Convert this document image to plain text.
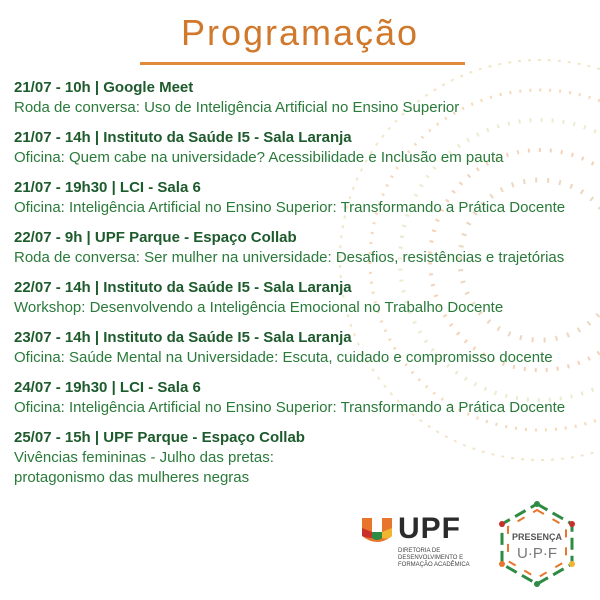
Programação
21/07 - 10h | Google Meet
Roda de conversa: Uso de Inteligência Artificial no Ensino Superior
21/07 - 14h | Instituto da Saúde I5 - Sala Laranja
Oficina: Quem cabe na universidade? Acessibilidade e Inclusão em pauta
21/07 - 19h30 | LCI - Sala 6
Oficina: Inteligência Artificial no Ensino Superior: Transformando a Prática Docente
22/07 - 9h | UPF Parque - Espaço Collab
Roda de conversa: Ser mulher na universidade: Desafios, resistências e trajetórias
22/07 - 14h | Instituto da Saúde I5 - Sala Laranja
Workshop: Desenvolvendo a Inteligência Emocional no Trabalho Docente
23/07 - 14h | Instituto da Saúde I5 - Sala Laranja
Oficina: Saúde Mental na Universidade: Escuta, cuidado e compromisso docente
24/07 - 19h30 | LCI - Sala 6
Oficina: Inteligência Artificial no Ensino Superior: Transformando a Prática Docente
25/07 - 15h | UPF Parque - Espaço Collab
Vivências femininas - Julho das pretas: protagonismo das mulheres negras
UPF
DIRETORIA DE DESENVOLVIMENTO E FORMAÇÃO ACADÊMICA
PRESENÇA
U·P·F
